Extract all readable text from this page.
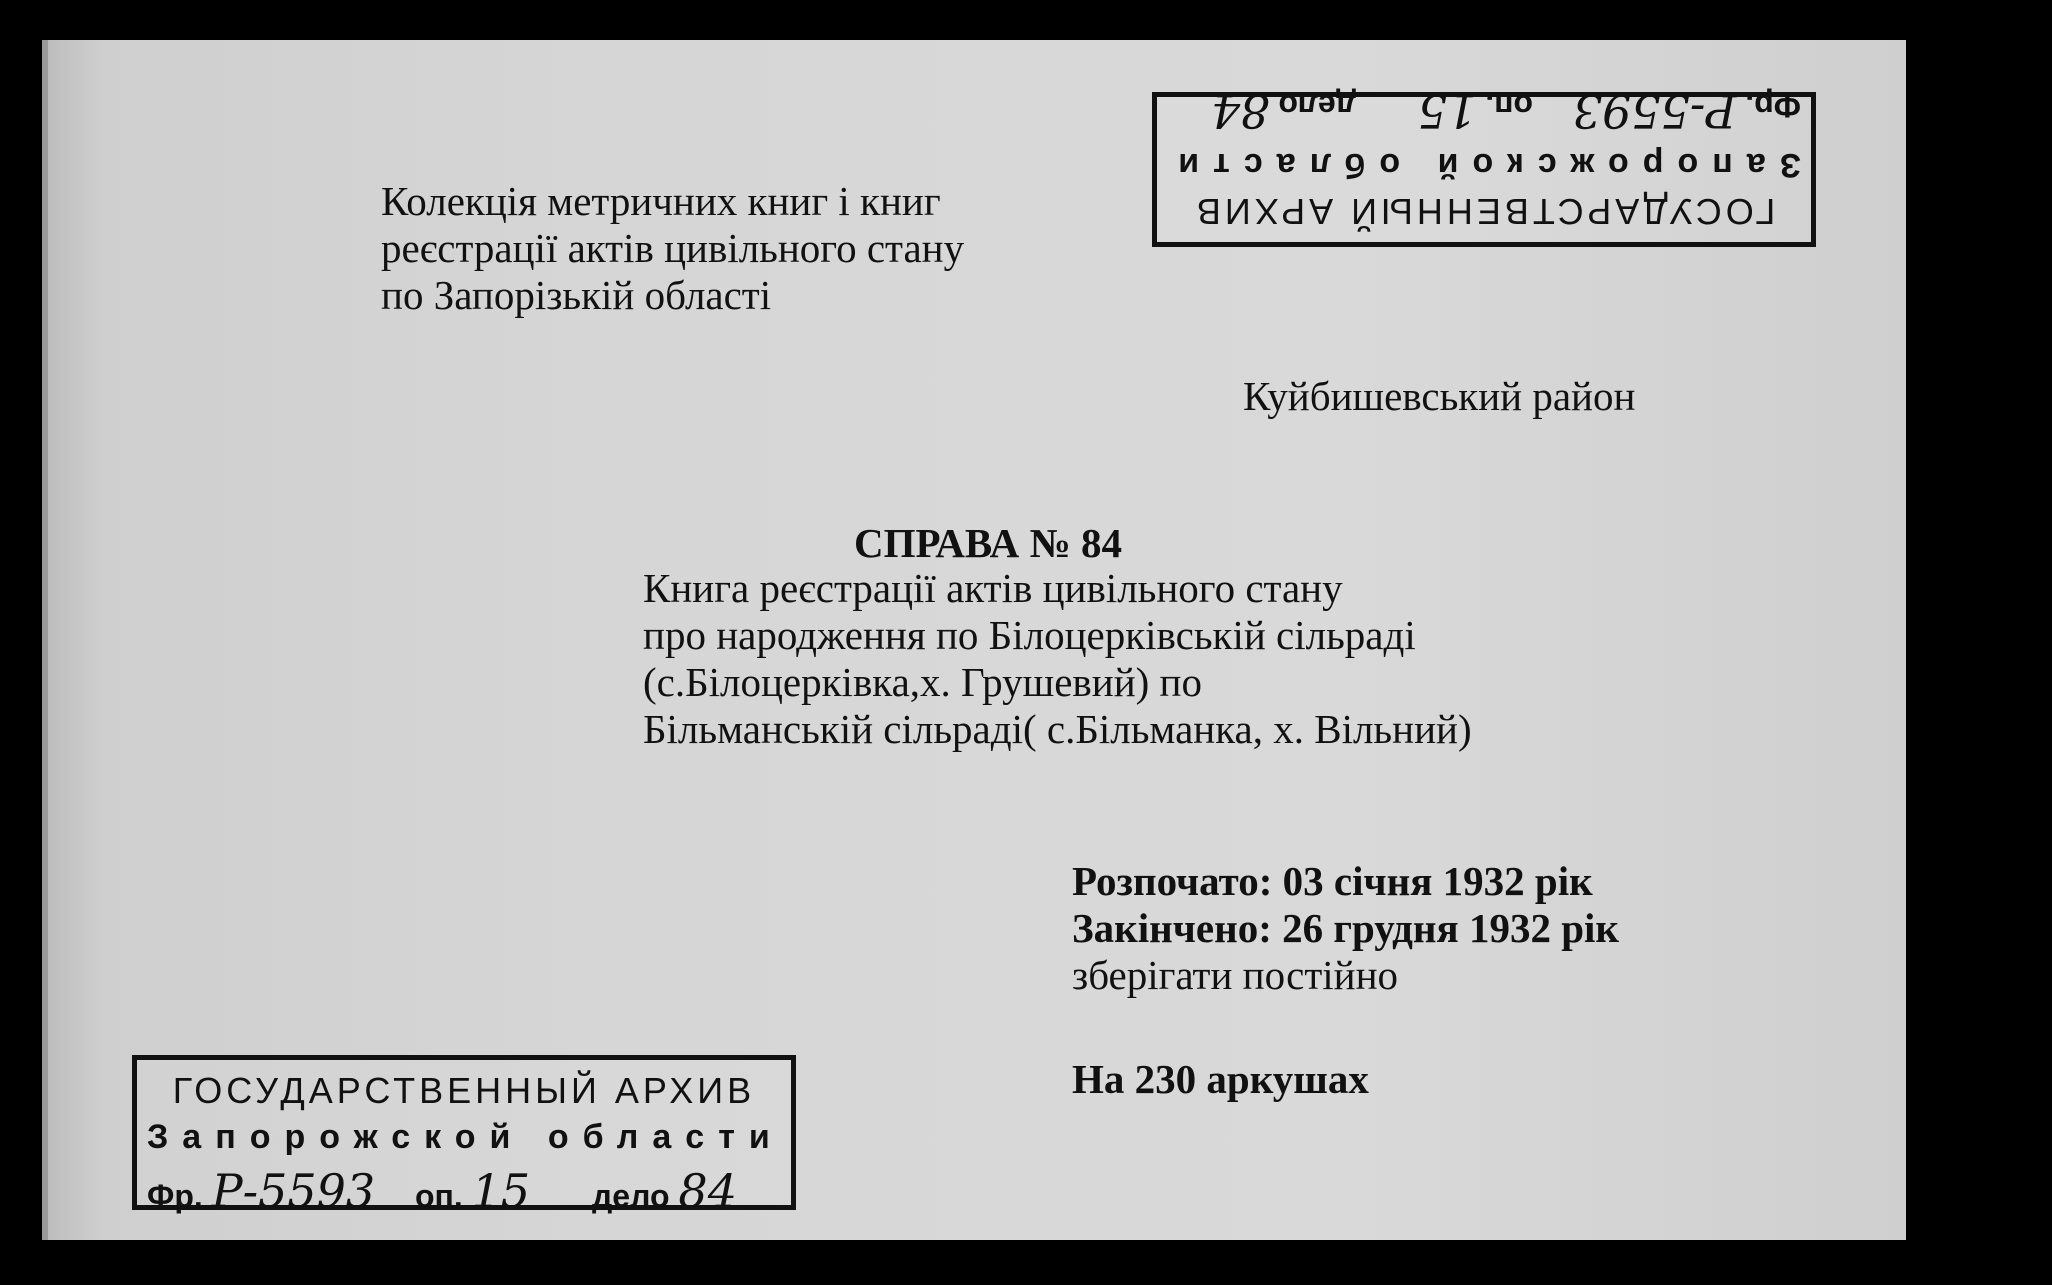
ГОСУДАРСТВЕННЫЙ АРХИВ
Запорожской области
Фр. Р-5593  оп. 15  дело 84
Колекція метричних книг і книг
реєстрації актів цивільного стану
по Запорізькій області
Куйбишевський район
СПРАВА № 84
Книга реєстрації актів цивільного стану
про народження по Білоцерківській сільраді
(с.Білоцерківка,х. Грушевий) по
Більманській сільраді( с.Більманка, х. Вільний)
Розпочато: 03 січня 1932 рік
Закінчено: 26 грудня 1932 рік
зберігати постійно
На 230 аркушах
ГОСУДАРСТВЕННЫЙ АРХИВ
Запорожской области
Фр. Р-5593 оп. 15 дело 84
